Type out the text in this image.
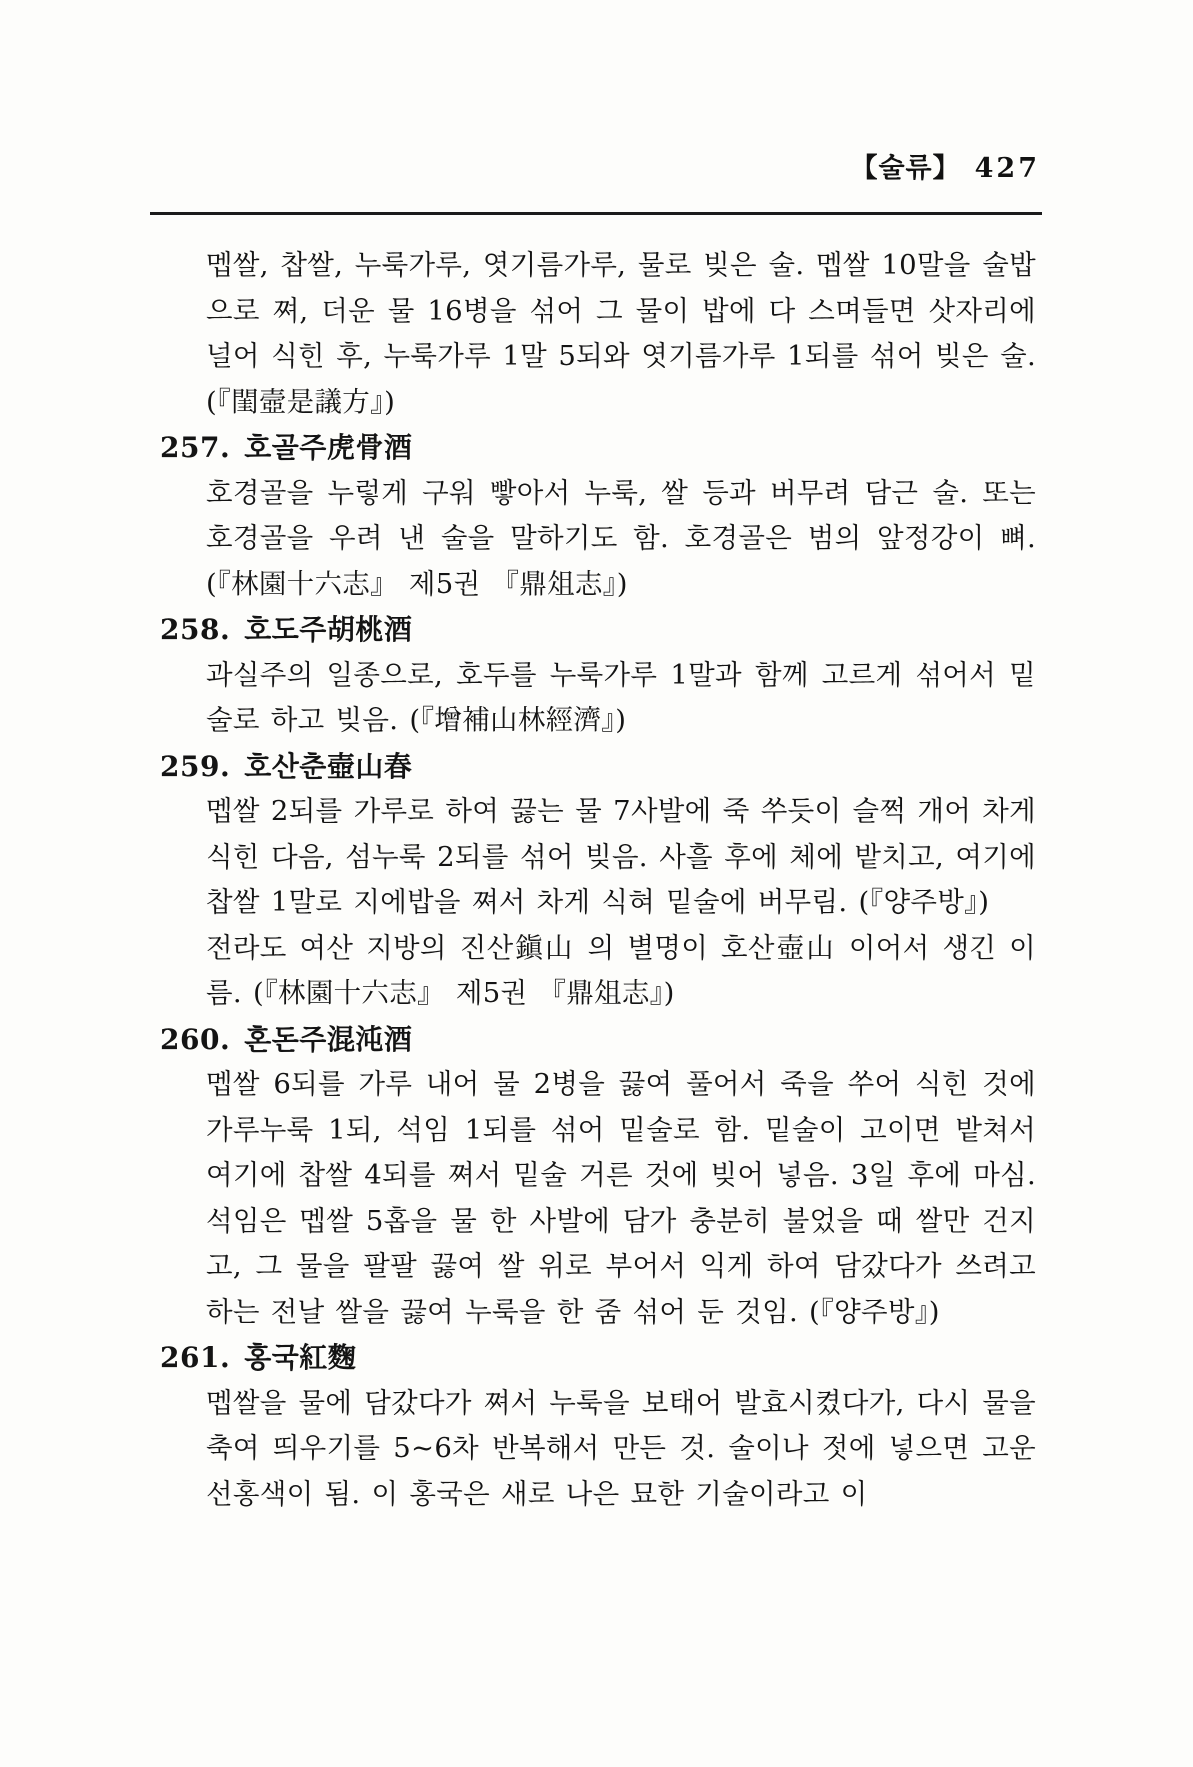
【술류】 427

멥쌀, 찹쌀, 누룩가루, 엿기름가루, 물로 빚은 술. 멥쌀 10말을 술밥으로 쪄, 더운 물 16병을 섞어 그 물이 밥에 다 스며들면 삿자리에 널어 식힌 후, 누룩가루 1말 5되와 엿기름가루 1되를 섞어 빚은 술. (『閨壼是議方』)

257. 호골주虎骨酒

호경골을 누렇게 구워 빻아서 누룩, 쌀 등과 버무려 담근 술. 또는 호경골을 우려 낸 술을 말하기도 함. 호경골은 범의 앞정강이 뼈. (『林園十六志』 제5권 『鼎俎志』)

258. 호도주胡桃酒

과실주의 일종으로, 호두를 누룩가루 1말과 함께 고르게 섞어서 밑술로 하고 빚음. (『增補山林經濟』)

259. 호산춘壺山春

멥쌀 2되를 가루로 하여 끓는 물 7사발에 죽 쑤듯이 슬쩍 개어 차게 식힌 다음, 섬누룩 2되를 섞어 빚음. 사흘 후에 체에 밭치고, 여기에 찹쌀 1말로 지에밥을 쪄서 차게 식혀 밑술에 버무림. (『양주방』)

전라도 여산 지방의 진산鎭山 의 별명이 호산壺山 이어서 생긴 이름. (『林園十六志』 제5권 『鼎俎志』)

260. 혼돈주混沌酒

멥쌀 6되를 가루 내어 물 2병을 끓여 풀어서 죽을 쑤어 식힌 것에 가루누룩 1되, 석임 1되를 섞어 밑술로 함. 밑술이 고이면 밭쳐서 여기에 찹쌀 4되를 쪄서 밑술 거른 것에 빚어 넣음. 3일 후에 마심. 석임은 멥쌀 5홉을 물 한 사발에 담가 충분히 불었을 때 쌀만 건지고, 그 물을 팔팔 끓여 쌀 위로 부어서 익게 하여 담갔다가 쓰려고 하는 전날 쌀을 끓여 누룩을 한 줌 섞어 둔 것임. (『양주방』)

261. 홍국紅麴

멥쌀을 물에 담갔다가 쪄서 누룩을 보태어 발효시켰다가, 다시 물을 축여 띄우기를 5~6차 반복해서 만든 것. 술이나 젓에 넣으면 고운 선홍색이 됨. 이 홍국은 새로 나은 묘한 기술이라고 이
